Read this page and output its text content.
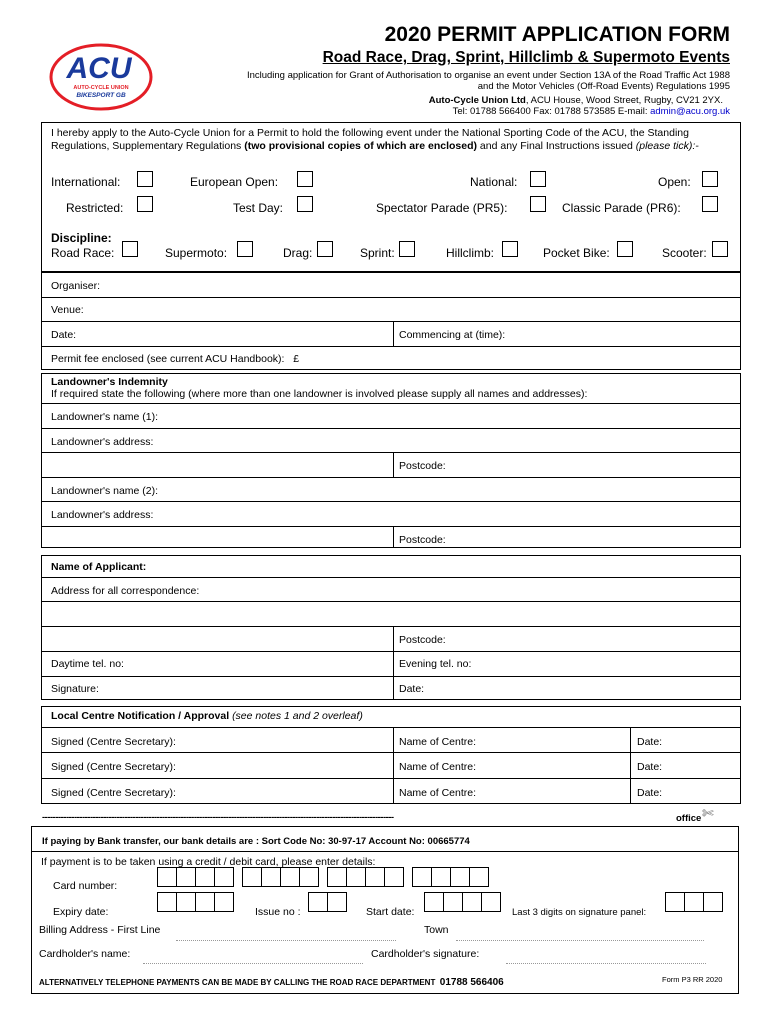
ACU
AUTO-CYCLE UNION
BIKESPORT GB
2020 PERMIT APPLICATION FORM
Road Race, Drag, Sprint, Hillclimb & Supermoto Events
Including application for Grant of Authorisation to organise an event under Section 13A of the Road Traffic Act 1988
and the Motor Vehicles (Off-Road Events) Regulations 1995
Auto-Cycle Union Ltd, ACU House, Wood Street, Rugby, CV21 2YX.
Tel: 01788 566400 Fax: 01788 573585 E-mail: admin@acu.org.uk
I hereby apply to the Auto-Cycle Union for a Permit to hold the following event under the National Sporting Code of the ACU, the Standing Regulations, Supplementary Regulations (two provisional copies of which are enclosed) and any Final Instructions issued (please tick):-
International:	European Open:	National:	Open:
Restricted:	Test Day:	Spectator Parade (PR5):	Classic Parade (PR6):
Discipline:
Road Race:	Supermoto:	Drag:	Sprint:	Hillclimb:	Pocket Bike:	Scooter:
Organiser:
Venue:
Date:	Commencing at (time):
Permit fee enclosed (see current ACU Handbook):   £
Landowner's Indemnity
If required state the following (where more than one landowner is involved please supply all names and addresses):
Landowner's name (1):
Landowner's address:
Postcode:
Landowner's name (2):
Landowner's address:
Postcode:
Name of Applicant:
Address for all correspondence:
Postcode:
Daytime tel. no:	Evening tel. no:
Signature:	Date:
Local Centre Notification / Approval (see notes 1 and 2 overleaf)
Signed (Centre Secretary):	Name of Centre:	Date:
Signed (Centre Secretary):	Name of Centre:	Date:
Signed (Centre Secretary):	Name of Centre:	Date:
------------------------------------------------------------------------------------------------------------------------------------	office ✄
If paying by Bank transfer, our bank details are : Sort Code No: 30-97-17 Account No: 00665774
If payment is to be taken using a credit / debit card, please enter details:
Card number:
Expiry date:	Issue no :	Start date:	Last 3 digits on signature panel:
Billing Address - First Line	Town
Cardholder's name:	Cardholder's signature:
ALTERNATIVELY TELEPHONE PAYMENTS CAN BE MADE BY CALLING THE ROAD RACE DEPARTMENT 01788 566406	Form P3 RR 2020
